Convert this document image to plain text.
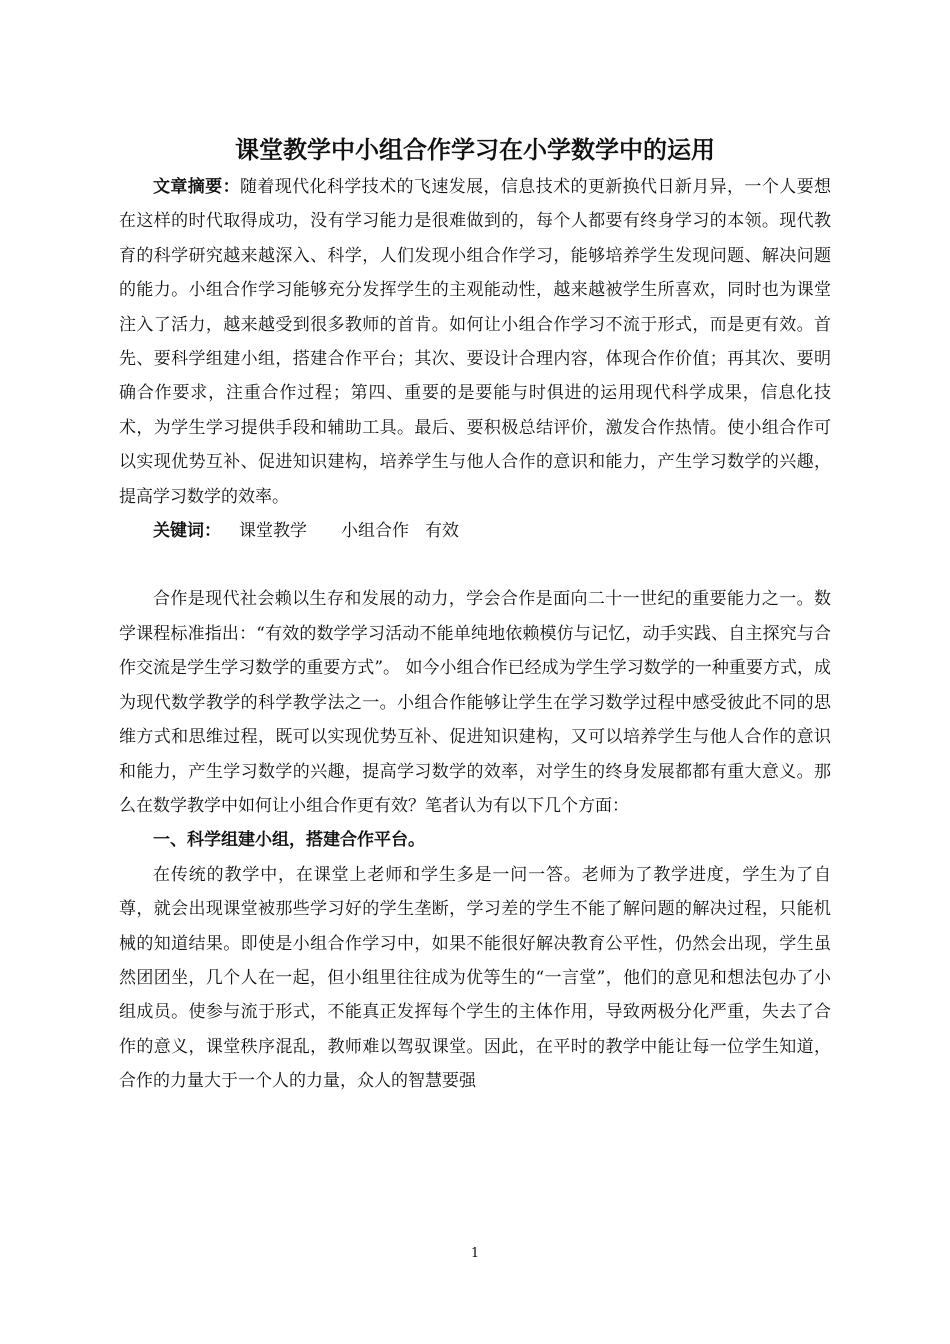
课堂教学中小组合作学习在小学数学中的运用

文章摘要：随着现代化科学技术的飞速发展，信息技术的更新换代日新月异，一个人要想在这样的时代取得成功，没有学习能力是很难做到的，每个人都要有终身学习的本领。现代教育的科学研究越来越深入、科学，人们发现小组合作学习，能够培养学生发现问题、解决问题的能力。小组合作学习能够充分发挥学生的主观能动性，越来越被学生所喜欢，同时也为课堂注入了活力，越来越受到很多教师的首肯。如何让小组合作学习不流于形式，而是更有效。首先、要科学组建小组，搭建合作平台；其次、要设计合理内容，体现合作价值；再其次、要明确合作要求，注重合作过程；第四、重要的是要能与时俱进的运用现代科学成果，信息化技术，为学生学习提供手段和辅助工具。最后、要积极总结评价，激发合作热情。使小组合作可以实现优势互补、促进知识建构，培养学生与他人合作的意识和能力，产生学习数学的兴趣，提高学习数学的效率。

关键词： 课堂教学 小组合作 有效

合作是现代社会赖以生存和发展的动力，学会合作是面向二十一世纪的重要能力之一。数学课程标准指出：“有效的数学学习活动不能单纯地依赖模仿与记忆，动手实践、自主探究与合作交流是学生学习数学的重要方式”。 如今小组合作已经成为学生学习数学的一种重要方式，成为现代数学教学的科学教学法之一。小组合作能够让学生在学习数学过程中感受彼此不同的思维方式和思维过程，既可以实现优势互补、促进知识建构，又可以培养学生与他人合作的意识和能力，产生学习数学的兴趣，提高学习数学的效率，对学生的终身发展都都有重大意义。那么在数学教学中如何让小组合作更有效？笔者认为有以下几个方面：

一、科学组建小组，搭建合作平台。

在传统的教学中，在课堂上老师和学生多是一问一答。老师为了教学进度，学生为了自尊，就会出现课堂被那些学习好的学生垄断，学习差的学生不能了解问题的解决过程，只能机械的知道结果。即使是小组合作学习中，如果不能很好解决教育公平性，仍然会出现，学生虽然团团坐，几个人在一起，但小组里往往成为优等生的“一言堂”，他们的意见和想法包办了小组成员。使参与流于形式，不能真正发挥每个学生的主体作用，导致两极分化严重，失去了合作的意义，课堂秩序混乱，教师难以驾驭课堂。因此，在平时的教学中能让每一位学生知道，合作的力量大于一个人的力量，众人的智慧要强

1
